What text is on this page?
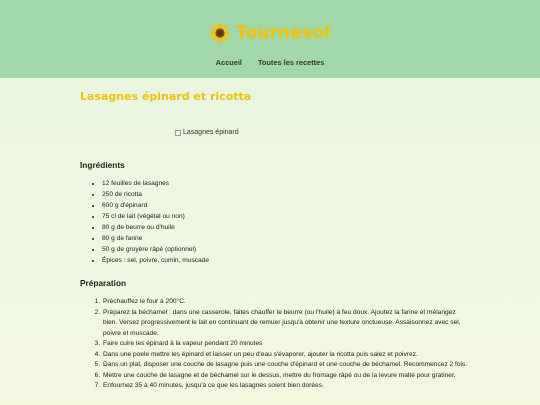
Tournesol
Accueil Toutes les recettes
Lasagnes épinard et ricotta
Lasagnes épinard
Ingrédients
• 12 feuilles de lasagnes
• 250 de ricotta
• 600 g d'épinard
• 75 cl de lait (végétal ou non)
• 80 g de beurre ou d'huile
• 80 g de farine
• 50 g de gruyère râpé (optionnel)
• Épices : sel, poivre, cumin, muscade
Préparation
1. Préchauffez le four à 200°C.
2. Préparez la béchamel : dans une casserole, faites chauffer le beurre (ou l'huile) à feu doux. Ajoutez la farine et mélangez bien. Versez progressivement le lait en continuant de remuer jusqu'à obtenir une texture onctueuse. Assaisonnez avec sel, poivre et muscade.
3. Faire cuire les épinard à la vapeur pendant 20 minutes
4. Dans une poele mettre les épinard et laisser un peu d'eau s'évaporer, ajouter la ricotta puis salez et poivrez.
5. Dans un plat, disposer une couche de lasagne puis une couche d'épinard et une couche de béchamel. Recommencez 2 fois.
6. Mettre une couche de lasagne et de béchamel sur le dessus, mettre du fromage râpé ou de la levure malté pour gratiner.
7. Enfournez 35 à 40 minutes, jusqu'à ce que les lasagnes soient bien dorées.
